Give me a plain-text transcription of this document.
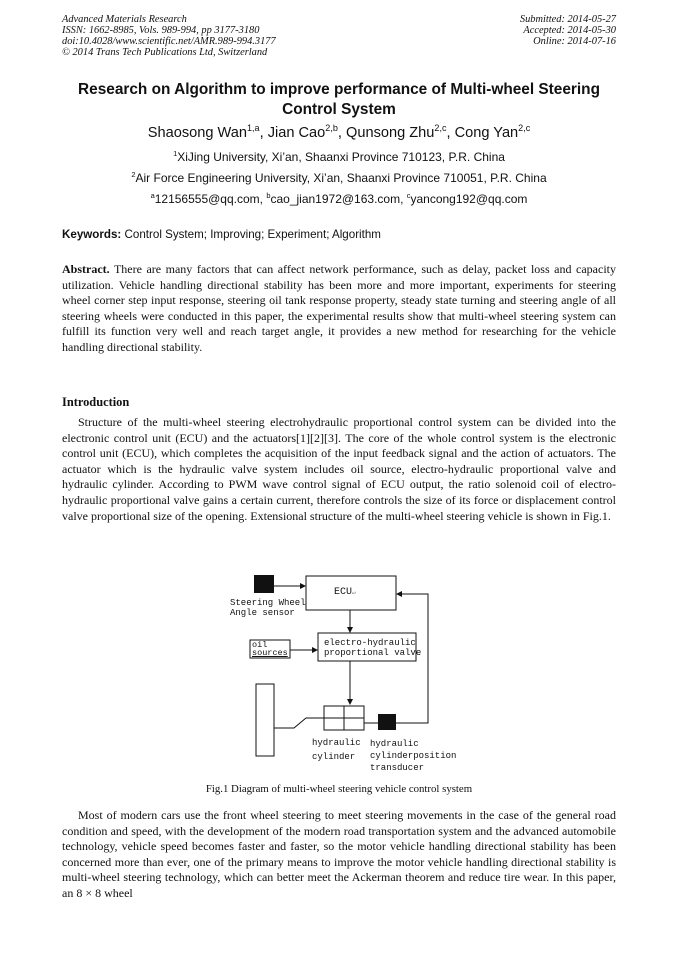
Advanced Materials Research
ISSN: 1662-8985, Vols. 989-994, pp 3177-3180
doi:10.4028/www.scientific.net/AMR.989-994.3177
© 2014 Trans Tech Publications Ltd, Switzerland
Submitted: 2014-05-27
Accepted: 2014-05-30
Online: 2014-07-16
Research on Algorithm to improve performance of Multi-wheel Steering Control System
Shaosong Wan$^{1,a}$, Jian Cao$^{2,b}$, Qunsong Zhu$^{2,c}$, Cong Yan$^{2,c}$
$^1$XiJing University, Xi’an, Shaanxi Province 710123, P.R. China
$^2$Air Force Engineering University, Xi’an, Shaanxi Province 710051, P.R. China
$^a$12156555@qq.com, $^b$cao_jian1972@163.com, $^c$yancong192@qq.com
Keywords: Control System; Improving; Experiment; Algorithm
Abstract. There are many factors that can affect network performance, such as delay, packet loss and capacity utilization. Vehicle handling directional stability has been more and more important, experiments for steering wheel corner step input response, steering oil tank response property, steady state turning and steering angle of all steering wheels were conducted in this paper, the experimental results show that multi-wheel steering system can fulfill its function very well and reach target angle, it provides a new method for researching for the vehicle handling directional stability.
Introduction
Structure of the multi-wheel steering electrohydraulic proportional control system can be divided into the electronic control unit (ECU) and the actuators[1][2][3]. The core of the whole control system is the electronic control unit (ECU), which completes the acquisition of the input feedback signal and the action of actuators. The actuator which is the hydraulic valve system includes oil source, electro-hydraulic proportional valve and hydraulic cylinder. According to PWM wave control signal of ECU output, the ratio solenoid coil of electro-hydraulic proportional valve gains a certain current, therefore controls the size of its force or displacement control valve proportional size of the opening. Extensional structure of the multi-wheel steering vehicle is shown in Fig.1.
ECU↵
Steering Wheel
Angle sensor
oil
sources
electro-hydraulic
proportional valve
hydraulic
cylinder
hydraulic
cylinderposition
transducer
Fig.1 Diagram of multi-wheel steering vehicle control system
Most of modern cars use the front wheel steering to meet steering movements in the case of the general road condition and speed, with the development of the modern road transportation system and the advanced automobile technology, vehicle speed becomes faster and faster, so the motor vehicle handling directional stability has been concerned more than ever, one of the primary means to improve the motor vehicle handling directional stability is multi-wheel steering technology, which can better meet the Ackerman theorem and reduce tire wear. In this paper, an 8 × 8 wheel
